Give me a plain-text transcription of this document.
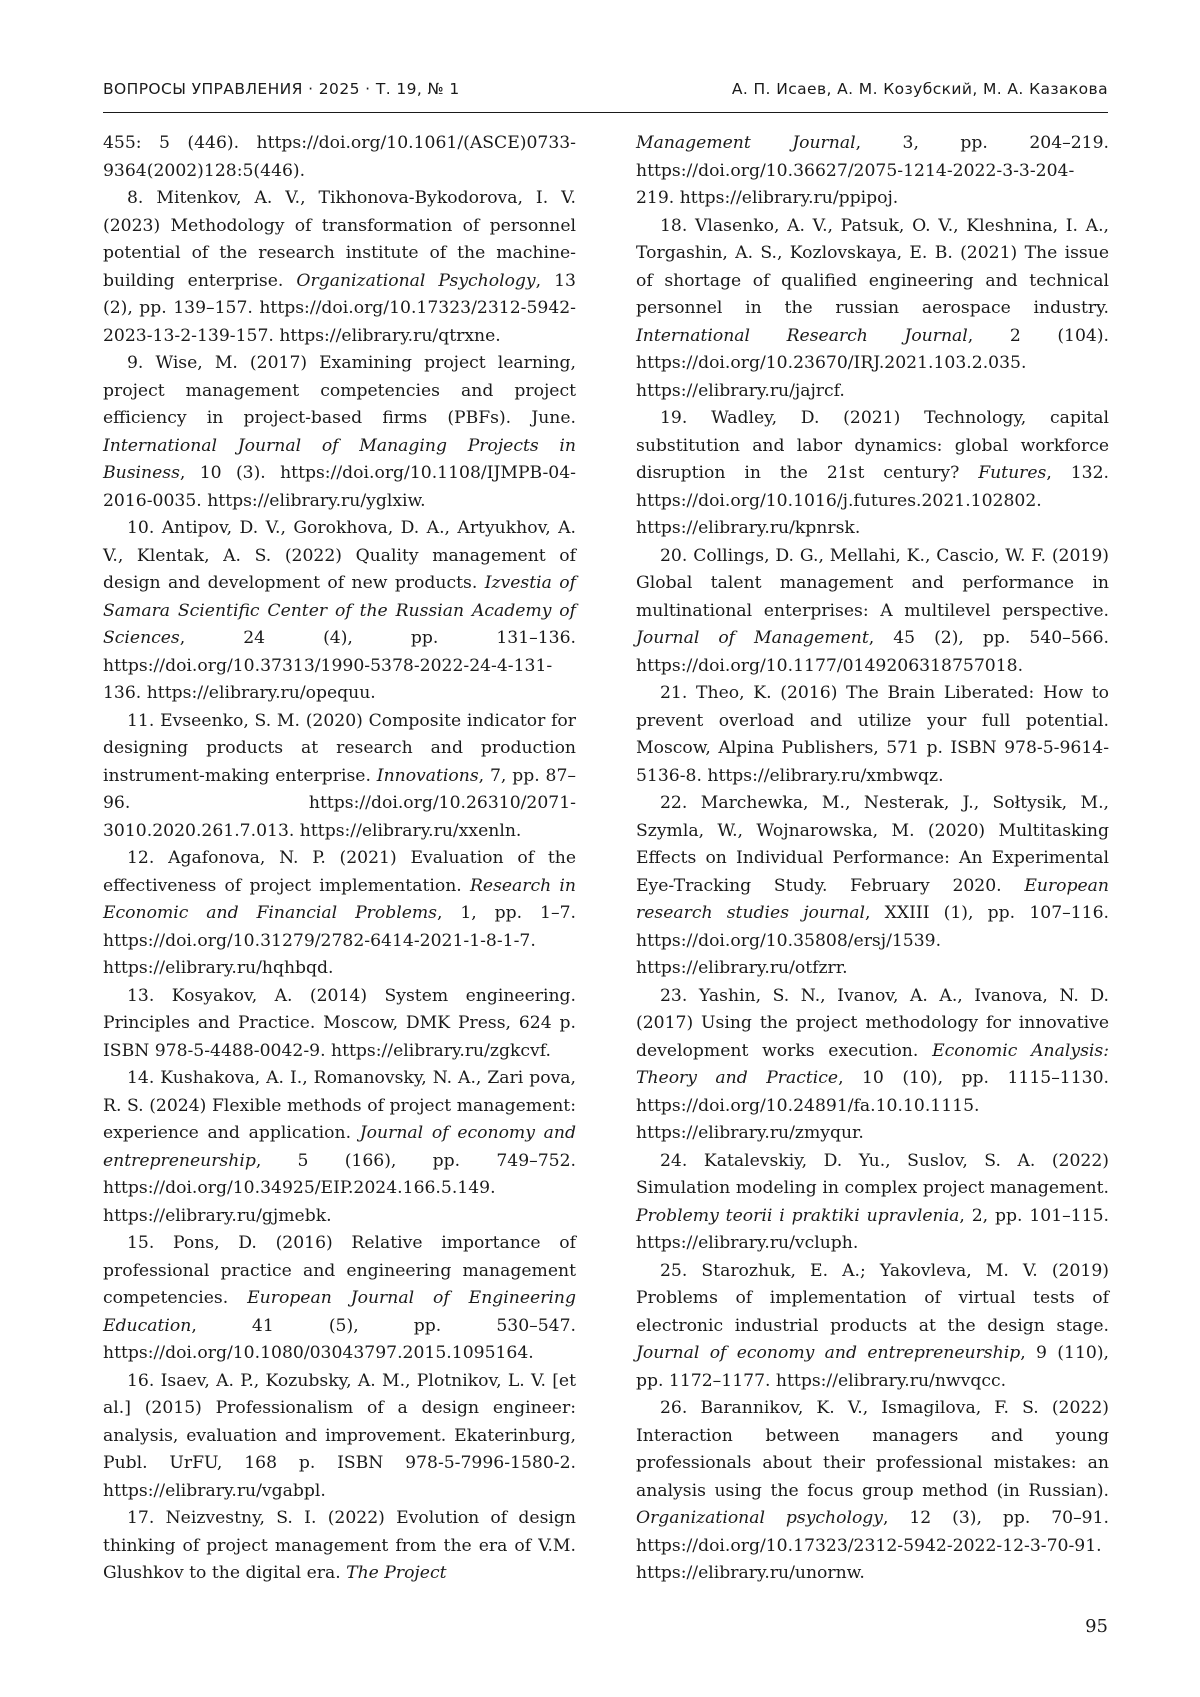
ВОПРОСЫ УПРАВЛЕНИЯ · 2025 · Т. 19, № 1	А. П. Исаев, А. М. Козубский, М. А. Казакова

455: 5 (446). https://doi.org/10.1061/(ASCE)0733-9364(2002)128:5(446).

8. Mitenkov, A. V., Tikhonova-Bykodorova, I. V. (2023) Methodology of transformation of personnel potential of the research institute of the machine-building enterprise. Organizational Psychology, 13 (2), pp. 139–157. https://doi.org/10.17323/2312-5942-2023-13-2-139-157. https://elibrary.ru/qtrxne.

9. Wise, M. (2017) Examining project learning, project management competencies and project efficiency in project-based firms (PBFs). June. International Journal of Managing Projects in Business, 10 (3). https://doi.org/10.1108/IJMPB-04-2016-0035. https://elibrary.ru/yglxiw.

10. Antipov, D. V., Gorokhova, D. A., Artyukhov, A. V., Klentak, A. S. (2022) Quality management of design and development of new products. Izvestia of Samara Scientific Center of the Russian Academy of Sciences, 24 (4), pp. 131–136. https://doi.org/10.37313/1990-5378-2022-24-4-131-136. https://elibrary.ru/opequu.

11. Evseenko, S. M. (2020) Composite indicator for designing products at research and production instrument-making enterprise. Innovations, 7, pp. 87–96. https://doi.org/10.26310/2071-3010.2020.261.7.013. https://elibrary.ru/xxenln.

12. Agafonova, N. P. (2021) Evaluation of the effectiveness of project implementation. Research in Economic and Financial Problems, 1, pp. 1–7. https://doi.org/10.31279/2782-6414-2021-1-8-1-7. https://elibrary.ru/hqhbqd.

13. Kosyakov, A. (2014) System engineering. Principles and Practice. Moscow, DMK Press, 624 p. ISBN 978-5-4488-0042-9. https://elibrary.ru/zgkcvf.

14. Kushakova, A. I., Romanovsky, N. A., Zari pova, R. S. (2024) Flexible methods of project management: experience and application. Journal of economy and entrepreneurship, 5 (166), pp. 749–752. https://doi.org/10.34925/EIP.2024.166.5.149. https://elibrary.ru/gjmebk.

15. Pons, D. (2016) Relative importance of professional practice and engineering management competencies. European Journal of Engineering Education, 41 (5), pp. 530–547. https://doi.org/10.1080/03043797.2015.1095164.

16. Isaev, A. P., Kozubsky, A. M., Plotnikov, L. V. [et al.] (2015) Professionalism of a design engineer: analysis, evaluation and improvement. Ekaterinburg, Publ. UrFU, 168 p. ISBN 978-5-7996-1580-2. https://elibrary.ru/vgabpl.

17. Neizvestny, S. I. (2022) Evolution of design thinking of project management from the era of V.M. Glushkov to the digital era. The Project

Management Journal, 3, pp. 204–219. https://doi.org/10.36627/2075-1214-2022-3-3-204-219. https://elibrary.ru/ppipoj.

18. Vlasenko, A. V., Patsuk, O. V., Kleshnina, I. A., Torgashin, A. S., Kozlovskaya, E. B. (2021) The issue of shortage of qualified engineering and technical personnel in the russian aerospace industry. International Research Journal, 2 (104). https://doi.org/10.23670/IRJ.2021.103.2.035. https://elibrary.ru/jajrcf.

19. Wadley, D. (2021) Technology, capital substitution and labor dynamics: global workforce disruption in the 21st century? Futures, 132. https://doi.org/10.1016/j.futures.2021.102802. https://elibrary.ru/kpnrsk.

20. Collings, D. G., Mellahi, K., Cascio, W. F. (2019) Global talent management and performance in multinational enterprises: A multilevel perspective. Journal of Management, 45 (2), pp. 540–566. https://doi.org/10.1177/0149206318757018.

21. Theo, K. (2016) The Brain Liberated: How to prevent overload and utilize your full potential. Moscow, Alpina Publishers, 571 p. ISBN 978-5-9614-5136-8. https://elibrary.ru/xmbwqz.

22. Marchewka, M., Nesterak, J., Sołtysik, M., Szymla, W., Wojnarowska, M. (2020) Multitasking Effects on Individual Performance: An Experimental Eye-Tracking Study. February 2020. European research studies journal, XXIII (1), pp. 107–116. https://doi.org/10.35808/ersj/1539. https://elibrary.ru/otfzrr.

23. Yashin, S. N., Ivanov, A. A., Ivanova, N. D. (2017) Using the project methodology for innovative development works execution. Economic Analysis: Theory and Practice, 10 (10), pp. 1115–1130. https://doi.org/10.24891/fa.10.10.1115. https://elibrary.ru/zmyqur.

24. Katalevskiy, D. Yu., Suslov, S. A. (2022) Simulation modeling in complex project management. Problemy teorii i praktiki upravlenia, 2, pp. 101–115. https://elibrary.ru/vcluph.

25. Starozhuk, E. A.; Yakovleva, M. V. (2019) Problems of implementation of virtual tests of electronic industrial products at the design stage. Journal of economy and entrepreneurship, 9 (110), pp. 1172–1177. https://elibrary.ru/nwvqcc.

26. Barannikov, K. V., Ismagilova, F. S. (2022) Interaction between managers and young professionals about their professional mistakes: an analysis using the focus group method (in Russian). Organizational psychology, 12 (3), pp. 70–91. https://doi.org/10.17323/2312-5942-2022-12-3-70-91. https://elibrary.ru/unornw.

95
